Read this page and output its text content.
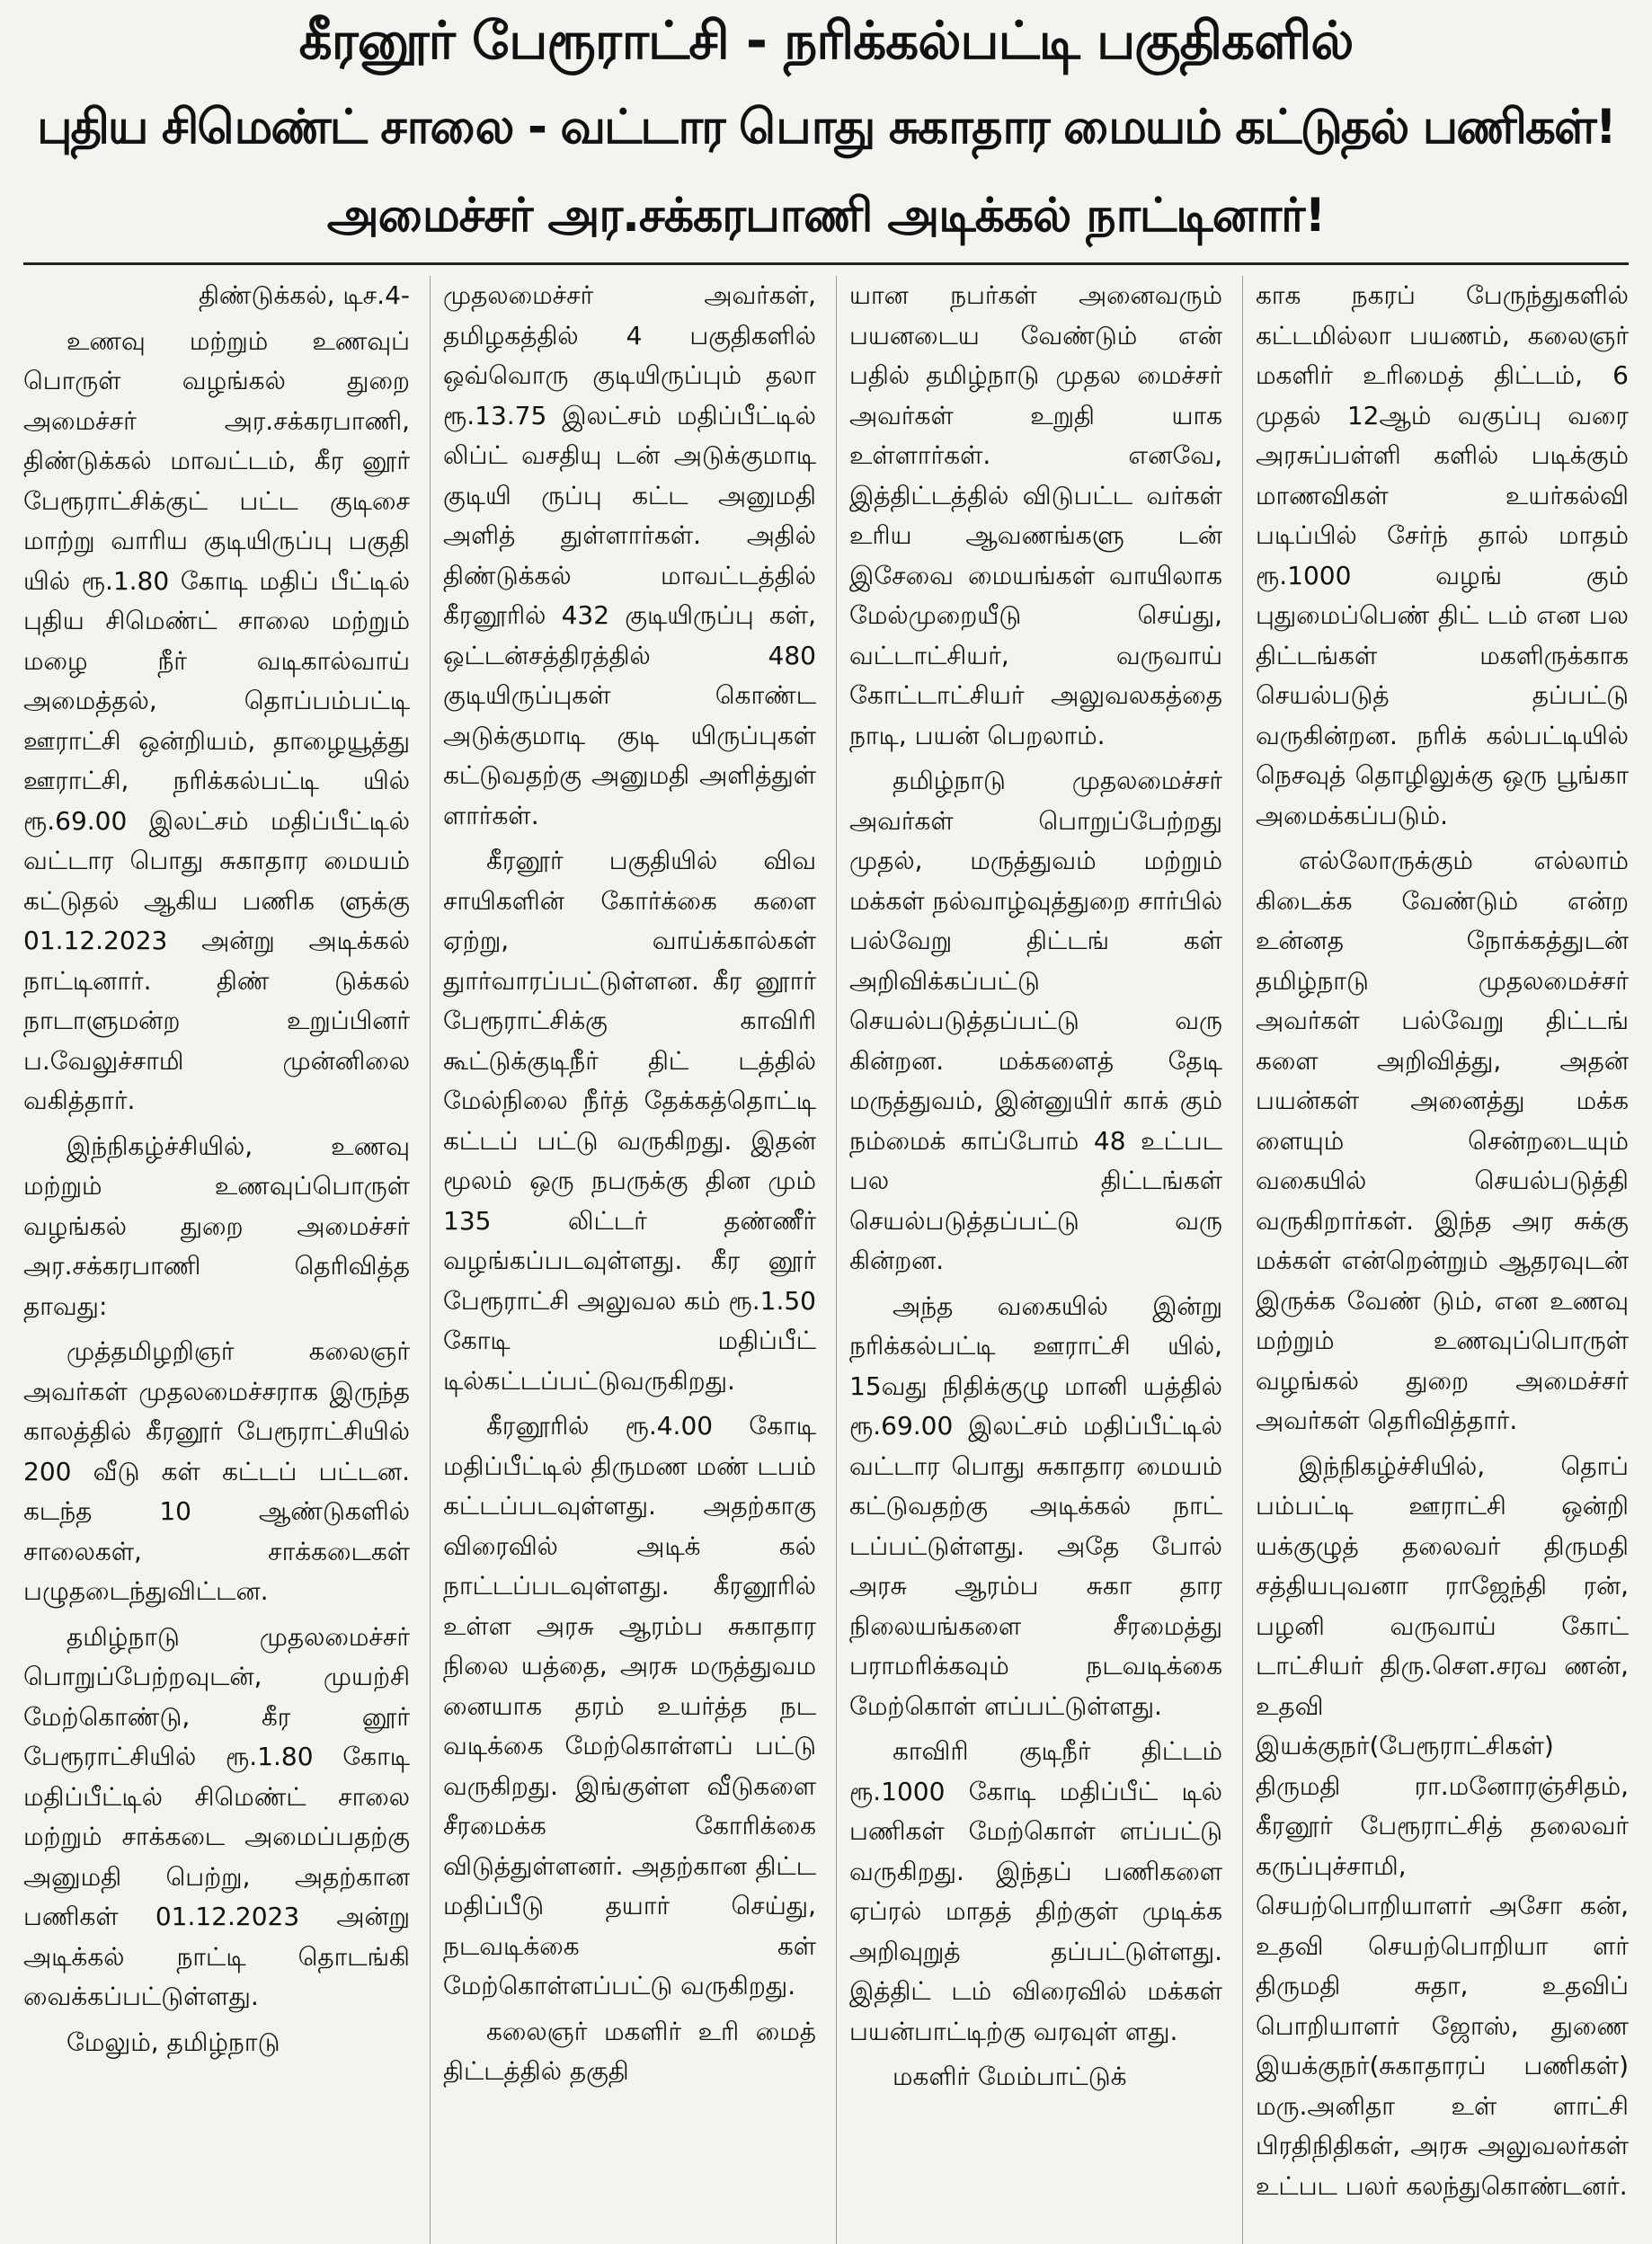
கீரனூர் பேரூராட்சி - நரிக்கல்பட்டி பகுதிகளில்
புதிய சிமெண்ட் சாலை - வட்டார பொது சுகாதார மையம் கட்டுதல் பணிகள்!
அமைச்சர் அர.சக்கரபாணி அடிக்கல் நாட்டினார்!

திண்டுக்கல், டிச.4-

உணவு மற்றும் உணவுப் பொருள் வழங்கல் துறை அமைச்சர் அர.சக்கரபாணி, திண்டுக்கல் மாவட்டம், கீர னூர் பேரூராட்சிக்குட் பட்ட குடிசை மாற்று வாரிய குடியிருப்பு பகுதி யில் ரூ.1.80 கோடி மதிப் பீட்டில் புதிய சிமெண்ட் சாலை மற்றும் மழை நீர் வடிகால்வாய் அமைத்தல், தொப்பம்பட்டி ஊராட்சி ஒன்றியம், தாழையூத்து ஊராட்சி, நரிக்கல்பட்டி யில் ரூ.69.00 இலட்சம் மதிப்பீட்டில் வட்டார பொது சுகாதார மையம் கட்டுதல் ஆகிய பணிக ளுக்கு 01.12.2023 அன்று அடிக்கல் நாட்டினார். திண் டுக்கல் நாடாளுமன்ற உறுப்பினர் ப.வேலுச்சாமி முன்னிலை வகித்தார்.

இந்நிகழ்ச்சியில், உணவு மற்றும் உணவுப்பொருள் வழங்கல் துறை அமைச்சர் அர.சக்கரபாணி தெரிவித்த தாவது:

முத்தமிழறிஞர் கலைஞர் அவர்கள் முதலமைச்சராக இருந்த காலத்தில் கீரனூர் பேரூராட்சியில் 200 வீடு கள் கட்டப் பட்டன. கடந்த 10 ஆண்டுகளில் சாலைகள், சாக்கடைகள் பழுதடைந்துவிட்டன.

தமிழ்நாடு முதலமைச்சர் பொறுப்பேற்றவுடன், முயற்சி மேற்கொண்டு, கீர னூர் பேரூராட்சியில் ரூ.1.80 கோடி மதிப்பீட்டில் சிமெண்ட் சாலை மற்றும் சாக்கடை அமைப்பதற்கு அனுமதி பெற்று, அதற்கான பணிகள் 01.12.2023 அன்று அடிக்கல் நாட்டி தொடங்கி வைக்கப்பட்டுள்ளது.

மேலும், தமிழ்நாடு

முதலமைச்சர் அவர்கள், தமிழகத்தில் 4 பகுதிகளில் ஒவ்வொரு குடியிருப்பும் தலா ரூ.13.75 இலட்சம் மதிப்பீட்டில் லிப்ட் வசதியு டன் அடுக்குமாடி குடியி ருப்பு கட்ட அனுமதி அளித் துள்ளார்கள். அதில் திண்டுக்கல் மாவட்டத்தில் கீரனூரில் 432 குடியிருப்பு கள், ஒட்டன்சத்திரத்தில் 480 குடியிருப்புகள் கொண்ட அடுக்குமாடி குடி யிருப்புகள் கட்டுவதற்கு அனுமதி அளித்துள் ளார்கள்.

கீரனூர் பகுதியில் விவ சாயிகளின் கோர்க்கை களை ஏற்று, வாய்க்கால்கள் துார்வாரப்பட்டுள்ளன. கீர னூார் பேரூராட்சிக்கு காவிரி கூட்டுக்குடிநீர் திட் டத்தில் மேல்நிலை நீர்த் தேக்கத்தொட்டி கட்டப் பட்டு வருகிறது. இதன் மூலம் ஒரு நபருக்கு தின மும் 135 லிட்டர் தண்ணீர் வழங்கப்படவுள்ளது. கீர னூர் பேரூராட்சி அலுவல கம் ரூ.1.50 கோடி மதிப்பீட் டில்கட்டப்பட்டுவருகிறது.

கீரனூரில் ரூ.4.00 கோடி மதிப்பீட்டில் திருமண மண் டபம் கட்டப்படவுள்ளது. அதற்காகு விரைவில் அடிக் கல் நாட்டப்படவுள்ளது. கீரனூரில் உள்ள அரசு ஆரம்ப சுகாதார நிலை யத்தை, அரசு மருத்துவம னையாக தரம் உயர்த்த நட வடிக்கை மேற்கொள்ளப் பட்டு வருகிறது. இங்குள்ள வீடுகளை சீரமைக்க கோரிக்கை விடுத்துள்ளனர். அதற்கான திட்ட மதிப்பீடு தயார் செய்து, நடவடிக்கை கள் மேற்கொள்ளப்பட்டு வருகிறது.

கலைஞர் மகளிர் உரி மைத் திட்டத்தில் தகுதி

யான நபர்கள் அனைவரும் பயனடைய வேண்டும் என் பதில் தமிழ்நாடு முதல மைச்சர் அவர்கள் உறுதி யாக உள்ளார்கள். எனவே, இத்திட்டத்தில் விடுபட்ட வர்கள் உரிய ஆவணங்களு டன் இசேவை மையங்கள் வாயிலாக மேல்முறையீடு செய்து, வட்டாட்சியர், வருவாய் கோட்டாட்சியர் அலுவலகத்தை நாடி, பயன் பெறலாம்.

தமிழ்நாடு முதலமைச்சர் அவர்கள் பொறுப்பேற்றது முதல், மருத்துவம் மற்றும் மக்கள் நல்வாழ்வுத்துறை சார்பில் பல்வேறு திட்டங் கள் அறிவிக்கப்பட்டு செயல்படுத்தப்பட்டு வரு கின்றன. மக்களைத் தேடி மருத்துவம், இன்னுயிர் காக் கும் நம்மைக் காப்போம் 48 உட்பட பல திட்டங்கள் செயல்படுத்தப்பட்டு வரு கின்றன.

அந்த வகையில் இன்று நரிக்கல்பட்டி ஊராட்சி யில், 15வது நிதிக்குழு மானி யத்தில் ரூ.69.00 இலட்சம் மதிப்பீட்டில் வட்டார பொது சுகாதார மையம் கட்டுவதற்கு அடிக்கல் நாட் டப்பட்டுள்ளது. அதே போல் அரசு ஆரம்ப சுகா தார நிலையங்களை சீரமைத்து பராமரிக்கவும் நடவடிக்கை மேற்கொள் ளப்பட்டுள்ளது.

காவிரி குடிநீர் திட்டம் ரூ.1000 கோடி மதிப்பீட் டில் பணிகள் மேற்கொள் ளப்பட்டு வருகிறது. இந்தப் பணிகளை ஏப்ரல் மாதத் திற்குள் முடிக்க அறிவுறுத் தப்பட்டுள்ளது. இத்திட் டம் விரைவில் மக்கள் பயன்பாட்டிற்கு வரவுள் ளது.

மகளிர் மேம்பாட்டுக்

காக நகரப் பேருந்துகளில் கட்டமில்லா பயணம், கலைஞர் மகளிர் உரிமைத் திட்டம், 6 முதல் 12ஆம் வகுப்பு வரை அரசுப்பள்ளி களில் படிக்கும் மாணவிகள் உயர்கல்வி படிப்பில் சேர்ந் தால் மாதம் ரூ.1000 வழங் கும் புதுமைப்பெண் திட் டம் என பல திட்டங்கள் மகளிருக்காக செயல்படுத் தப்பட்டு வருகின்றன. நரிக் கல்பட்டியில் நெசவுத் தொழிலுக்கு ஒரு பூங்கா அமைக்கப்படும்.

எல்லோருக்கும் எல்லாம் கிடைக்க வேண்டும் என்ற உன்னத நோக்கத்துடன் தமிழ்நாடு முதலமைச்சர் அவர்கள் பல்வேறு திட்டங் களை அறிவித்து, அதன் பயன்கள் அனைத்து மக்க ளையும் சென்றடையும் வகையில் செயல்படுத்தி வருகிறார்கள். இந்த அர சுக்கு மக்கள் என்றென்றும் ஆதரவுடன் இருக்க வேண் டும், என உணவு மற்றும் உணவுப்பொருள் வழங்கல் துறை அமைச்சர் அவர்கள் தெரிவித்தார்.

இந்நிகழ்ச்சியில், தொப் பம்பட்டி ஊராட்சி ஒன்றி யக்குழுத் தலைவர் திருமதி சத்தியபுவனா ராஜேந்தி ரன், பழனி வருவாய் கோட் டாட்சியர் திரு.செள.சரவ ணன், உதவி இயக்குநர்(பேரூராட்சிகள்) திருமதி ரா.மனோரஞ்சிதம், கீரனூர் பேரூராட்சித் தலைவர் கருப்புச்சாமி, செயற்பொறியாளர் அசோ கன், உதவி செயற்பொறியா ளர் திருமதி சுதா, உதவிப் பொறியாளர் ஜோஸ், துணை இயக்குநர்(சுகாதாரப் பணிகள்) மரு.அனிதா உள் ளாட்சி பிரதிநிதிகள், அரசு அலுவலர்கள் உட்பட பலர் கலந்துகொண்டனர்.
